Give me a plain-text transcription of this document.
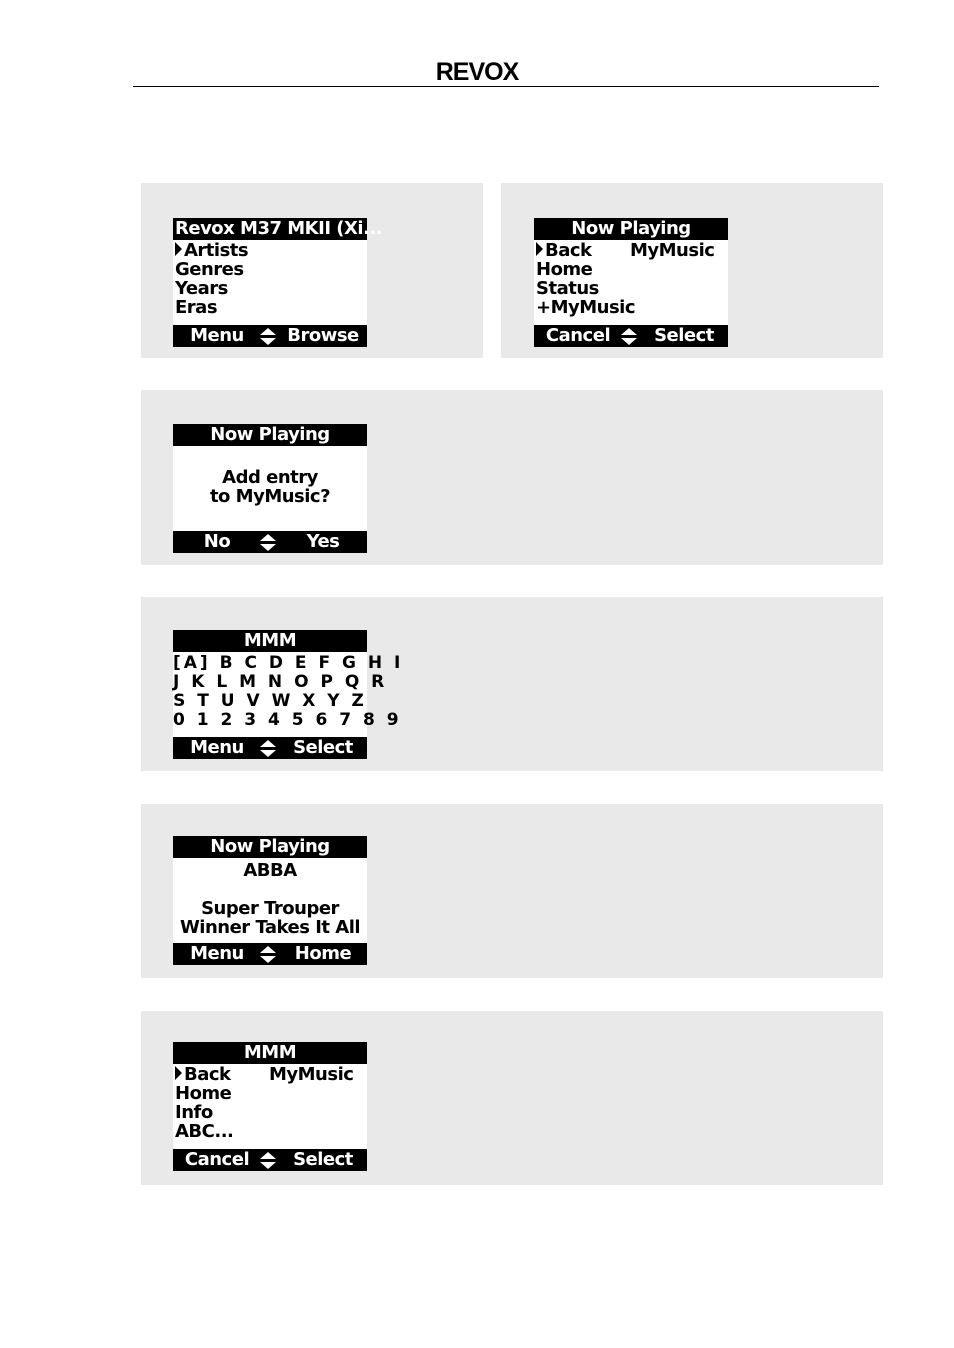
REVOX
Revox M37 MKII (Xi...
Artists
Genres
Years
Eras
Menu	Browse
Now Playing
Back MyMusic
Home
Status
+MyMusic
Cancel	Select
Now Playing
Add entry
to MyMusic?
No	Yes
MMM
[A] B C D E F G H I
J K L M N O P Q R
S T U V W X Y Z
0 1 2 3 4 5 6 7 8 9
Menu	Select
Now Playing
ABBA
Super Trouper
Winner Takes It All
Menu	Home
MMM
Back MyMusic
Home
Info
ABC...
Cancel	Select
